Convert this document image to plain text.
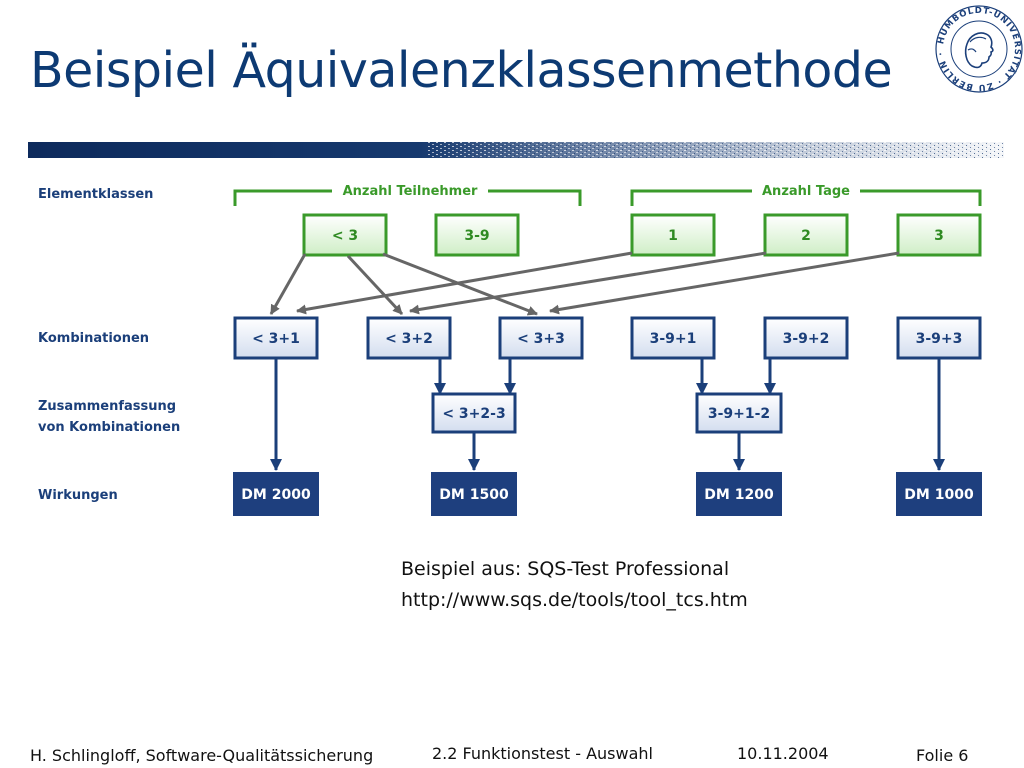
Beispiel Äquivalenzklassenmethode
HUMBOLDT-UNIVERSITÄT · ZU BERLIN ·
Elementklassen
Kombinationen
Zusammenfassung
von Kombinationen
Wirkungen
Anzahl Teilnehmer	Anzahl Tage
< 3	3-9	1	2	3
< 3+1	< 3+2	< 3+3	3-9+1	3-9+2	3-9+3
< 3+2-3	3-9+1-2
DM 2000	DM 1500	DM 1200	DM 1000
Beispiel aus: SQS-Test Professional
http://www.sqs.de/tools/tool_tcs.htm
H. Schlingloff, Software-Qualitätssicherung	2.2 Funktionstest - Auswahl	10.11.2004	Folie 6
